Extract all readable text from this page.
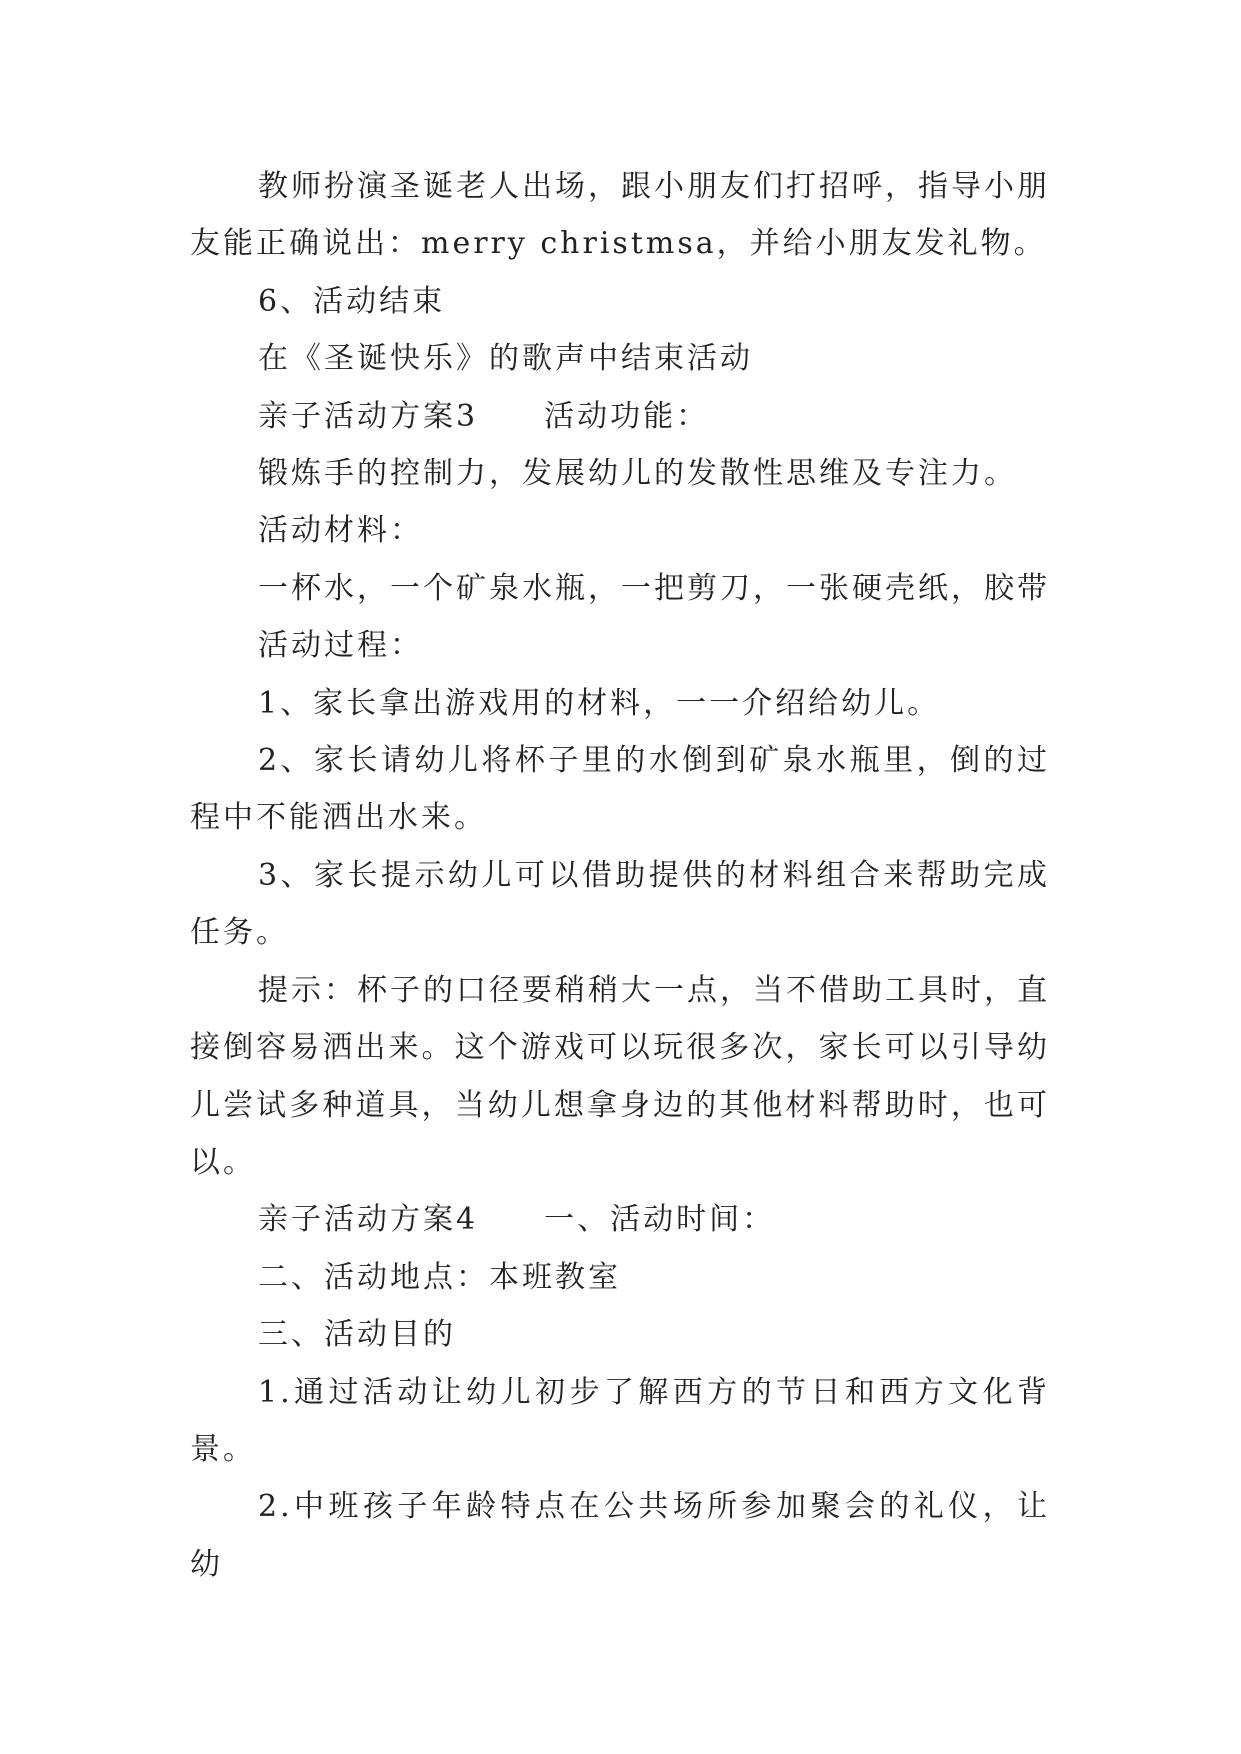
教师扮演圣诞老人出场，跟小朋友们打招呼，指导小朋友能正确说出：merry christmsa，并给小朋友发礼物。

6、活动结束

在《圣诞快乐》的歌声中结束活动

亲子活动方案3　　活动功能：

锻炼手的控制力，发展幼儿的发散性思维及专注力。

活动材料：

一杯水，一个矿泉水瓶，一把剪刀，一张硬壳纸，胶带

活动过程：

1、家长拿出游戏用的材料，一一介绍给幼儿。

2、家长请幼儿将杯子里的水倒到矿泉水瓶里，倒的过程中不能洒出水来。

3、家长提示幼儿可以借助提供的材料组合来帮助完成任务。

提示：杯子的口径要稍稍大一点，当不借助工具时，直接倒容易洒出来。这个游戏可以玩很多次，家长可以引导幼儿尝试多种道具，当幼儿想拿身边的其他材料帮助时，也可以。

亲子活动方案4　　一、活动时间：

二、活动地点：本班教室

三、活动目的

1.通过活动让幼儿初步了解西方的节日和西方文化背景。

2.中班孩子年龄特点在公共场所参加聚会的礼仪，让幼
